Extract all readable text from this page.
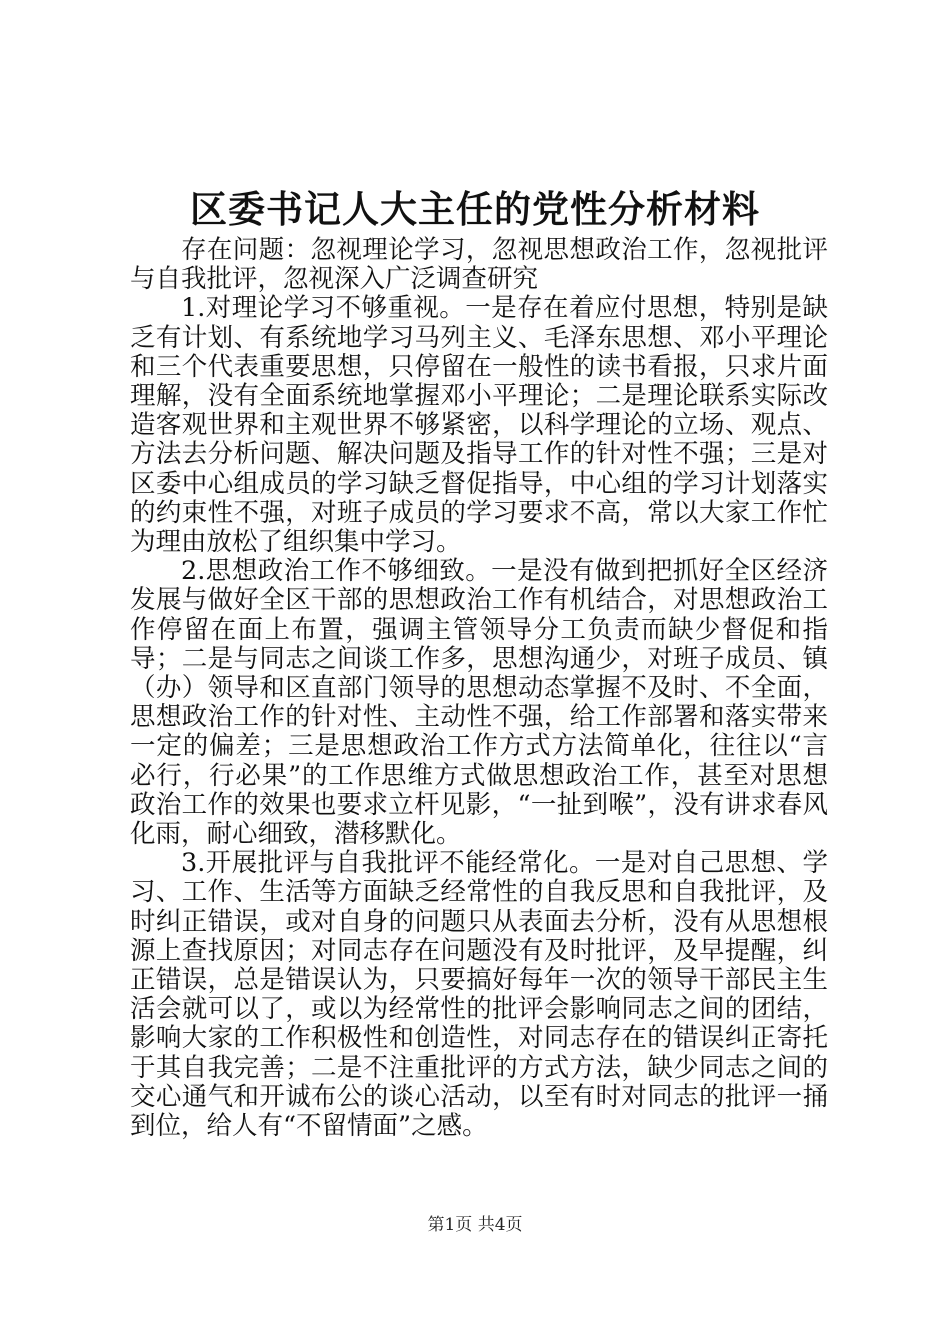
区委书记人大主任的党性分析材料

存在问题：忽视理论学习，忽视思想政治工作，忽视批评与自我批评，忽视深入广泛调查研究

1.对理论学习不够重视。一是存在着应付思想，特别是缺乏有计划、有系统地学习马列主义、毛泽东思想、邓小平理论和三个代表重要思想，只停留在一般性的读书看报，只求片面理解，没有全面系统地掌握邓小平理论；二是理论联系实际改造客观世界和主观世界不够紧密，以科学理论的立场、观点、方法去分析问题、解决问题及指导工作的针对性不强；三是对区委中心组成员的学习缺乏督促指导，中心组的学习计划落实的约束性不强，对班子成员的学习要求不高，常以大家工作忙为理由放松了组织集中学习。

2.思想政治工作不够细致。一是没有做到把抓好全区经济发展与做好全区干部的思想政治工作有机结合，对思想政治工作停留在面上布置，强调主管领导分工负责而缺少督促和指导；二是与同志之间谈工作多，思想沟通少，对班子成员、镇（办）领导和区直部门领导的思想动态掌握不及时、不全面，思想政治工作的针对性、主动性不强，给工作部署和落实带来一定的偏差；三是思想政治工作方式方法简单化，往往以“言必行，行必果”的工作思维方式做思想政治工作，甚至对思想政治工作的效果也要求立杆见影，“一扯到喉”，没有讲求春风化雨，耐心细致，潜移默化。

3.开展批评与自我批评不能经常化。一是对自己思想、学习、工作、生活等方面缺乏经常性的自我反思和自我批评，及时纠正错误，或对自身的问题只从表面去分析，没有从思想根源上查找原因；对同志存在问题没有及时批评，及早提醒，纠正错误，总是错误认为，只要搞好每年一次的领导干部民主生活会就可以了，或以为经常性的批评会影响同志之间的团结，影响大家的工作积极性和创造性，对同志存在的错误纠正寄托于其自我完善；二是不注重批评的方式方法，缺少同志之间的交心通气和开诚布公的谈心活动，以至有时对同志的批评一捅到位，给人有“不留情面”之感。

第1页 共4页
